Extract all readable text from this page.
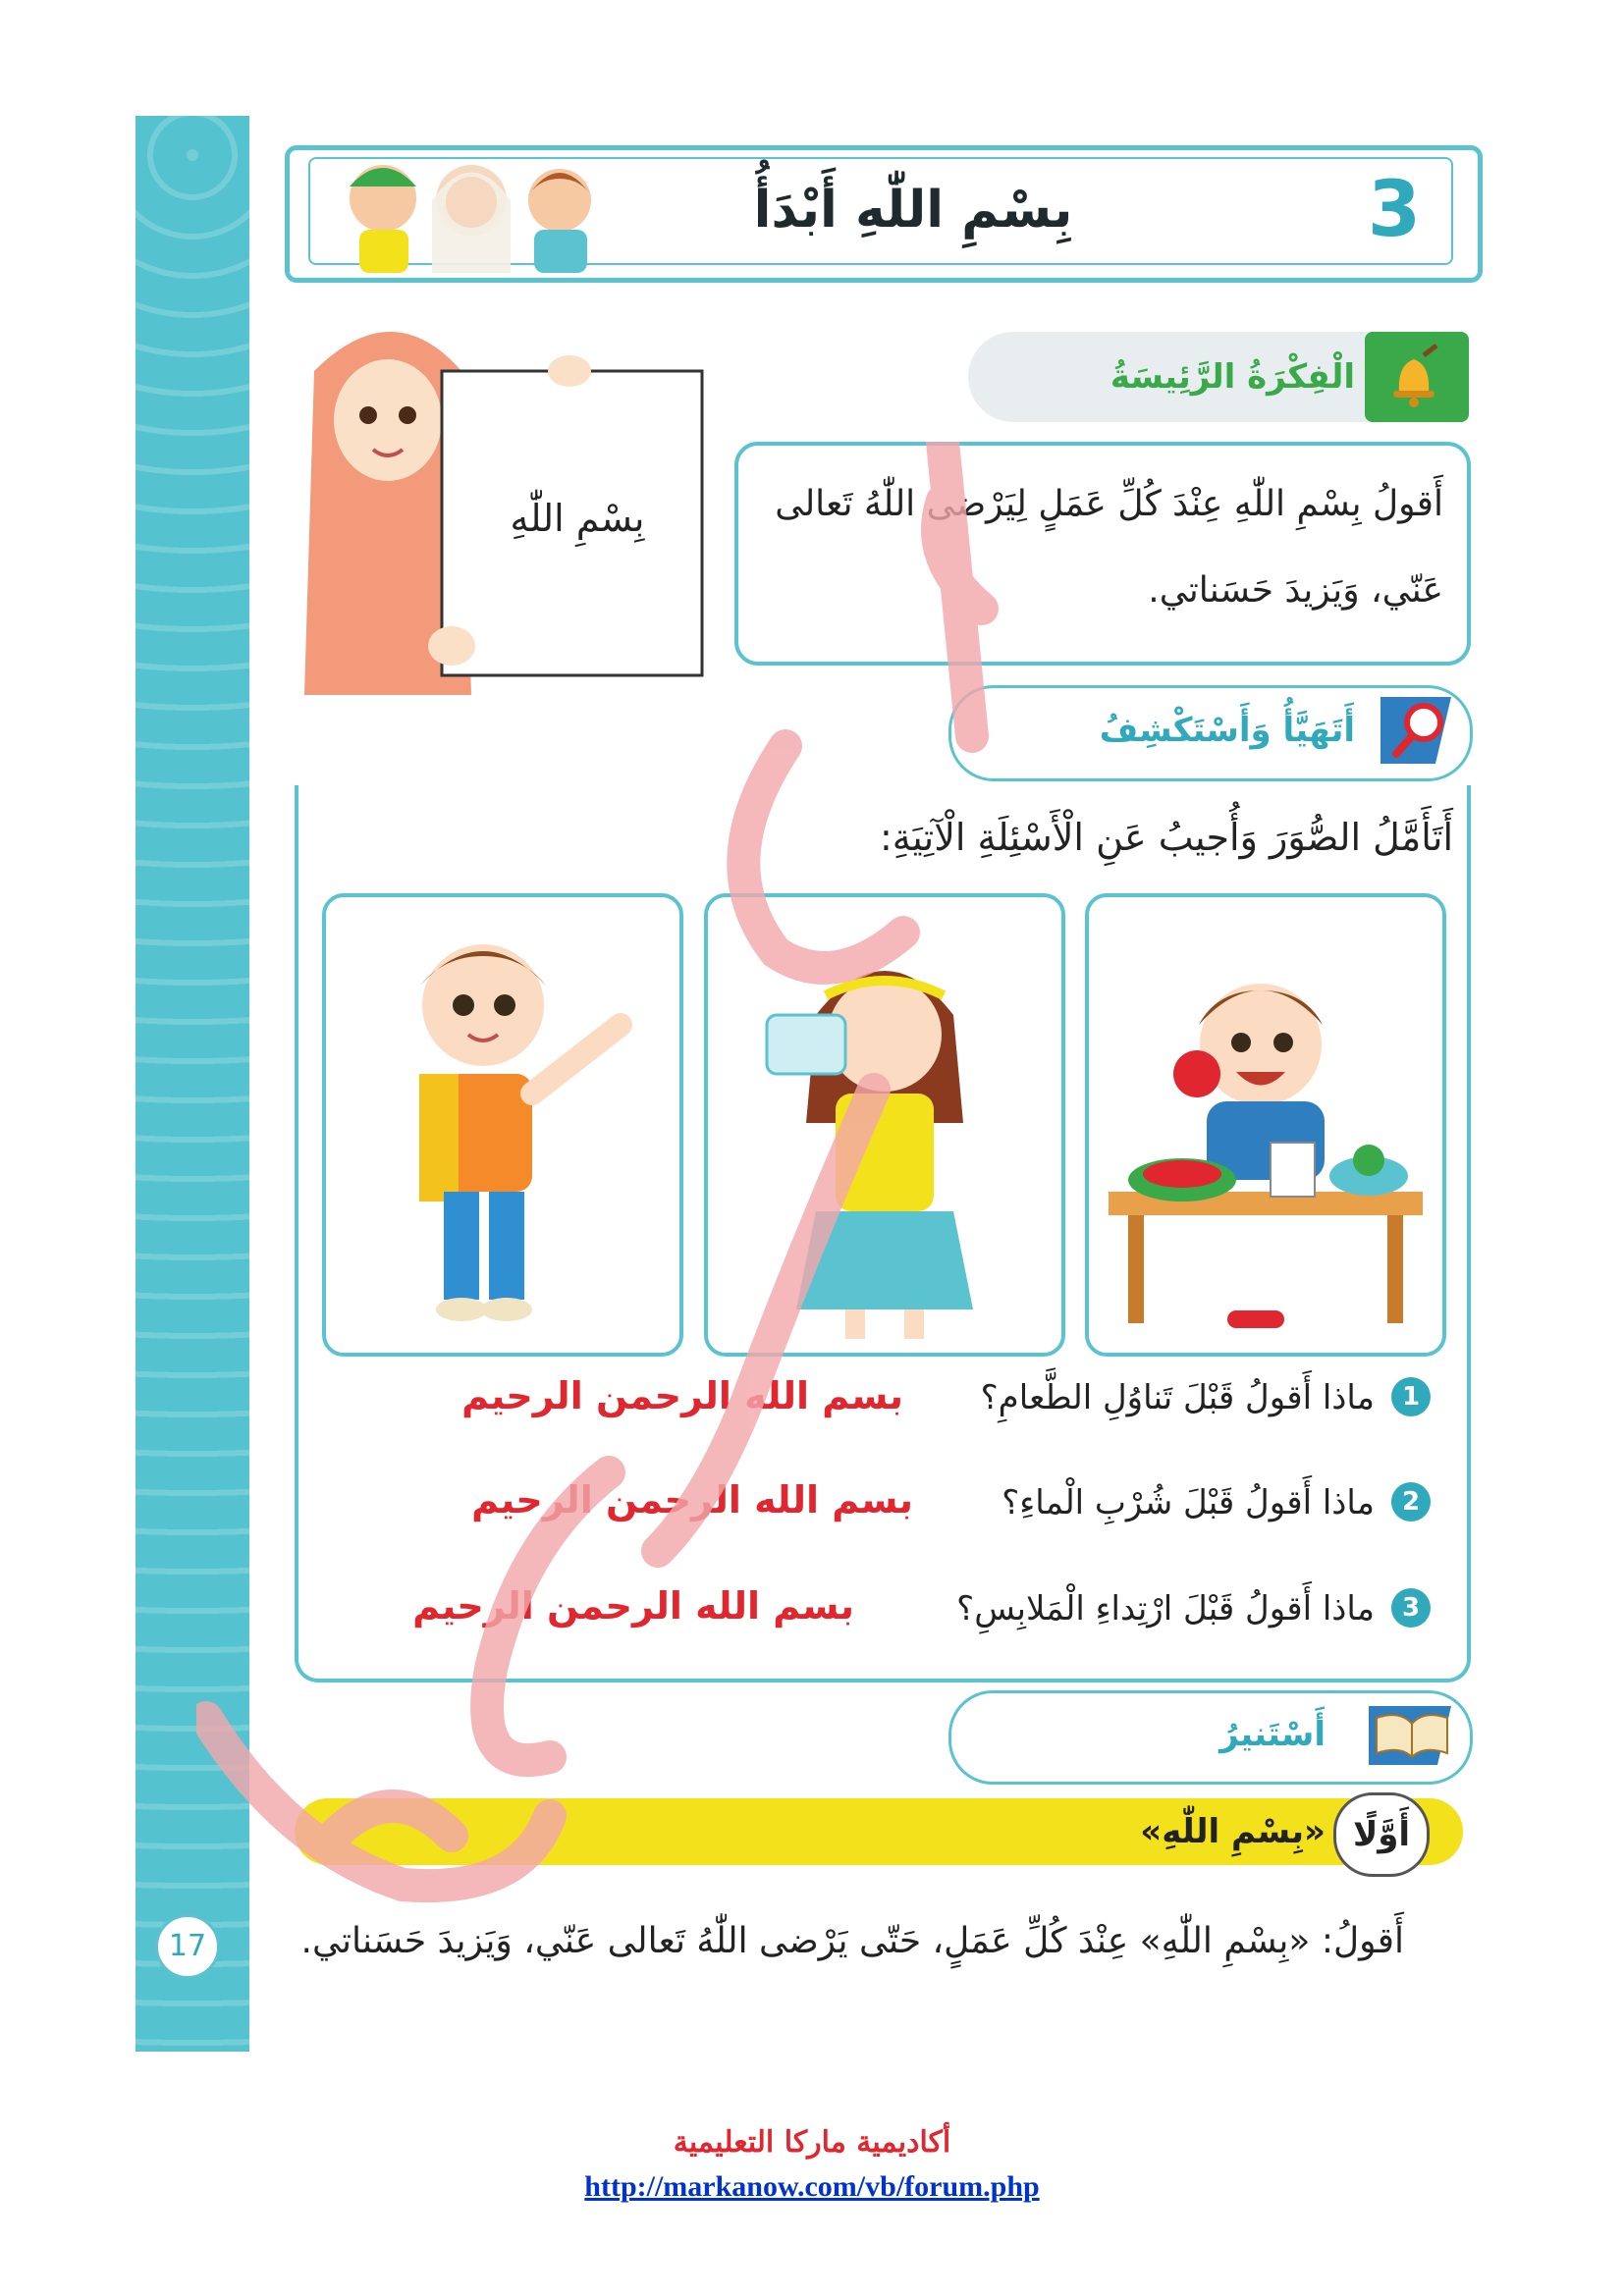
بِسْمِ اللّٰهِ أَبْدَأُ	3
بِسْمِ اللّٰهِ
الْفِكْرَةُ الرَّئِيسَةُ
أَقولُ بِسْمِ اللّٰهِ عِنْدَ كُلِّ عَمَلٍ لِيَرْضى اللّٰهُ تَعالى عَنّي، وَيَزيدَ حَسَناتي.
أَتَهَيَّأُ وَأَسْتَكْشِفُ
أَتَأَمَّلُ الصُّوَرَ وَأُجيبُ عَنِ الْأَسْئِلَةِ الْآتِيَةِ:
1
ماذا أَقولُ قَبْلَ تَناوُلِ الطَّعامِ؟
بسم الله الرحمن الرحيم
2
ماذا أَقولُ قَبْلَ شُرْبِ الْماءِ؟
بسم الله الرحمن الرحيم
3
ماذا أَقولُ قَبْلَ ارْتِداءِ الْمَلابِسِ؟
بسم الله الرحمن الرحيم
أَسْتَنيرُ
أَوَّلًا
«بِسْمِ اللّٰهِ»
أَقولُ: «بِسْمِ اللّٰهِ» عِنْدَ كُلِّ عَمَلٍ، حَتّى يَرْضى اللّٰهُ تَعالى عَنّي، وَيَزيدَ حَسَناتي.
17
أكاديمية ماركا التعليمية
http://markanow.com/vb/forum.php
